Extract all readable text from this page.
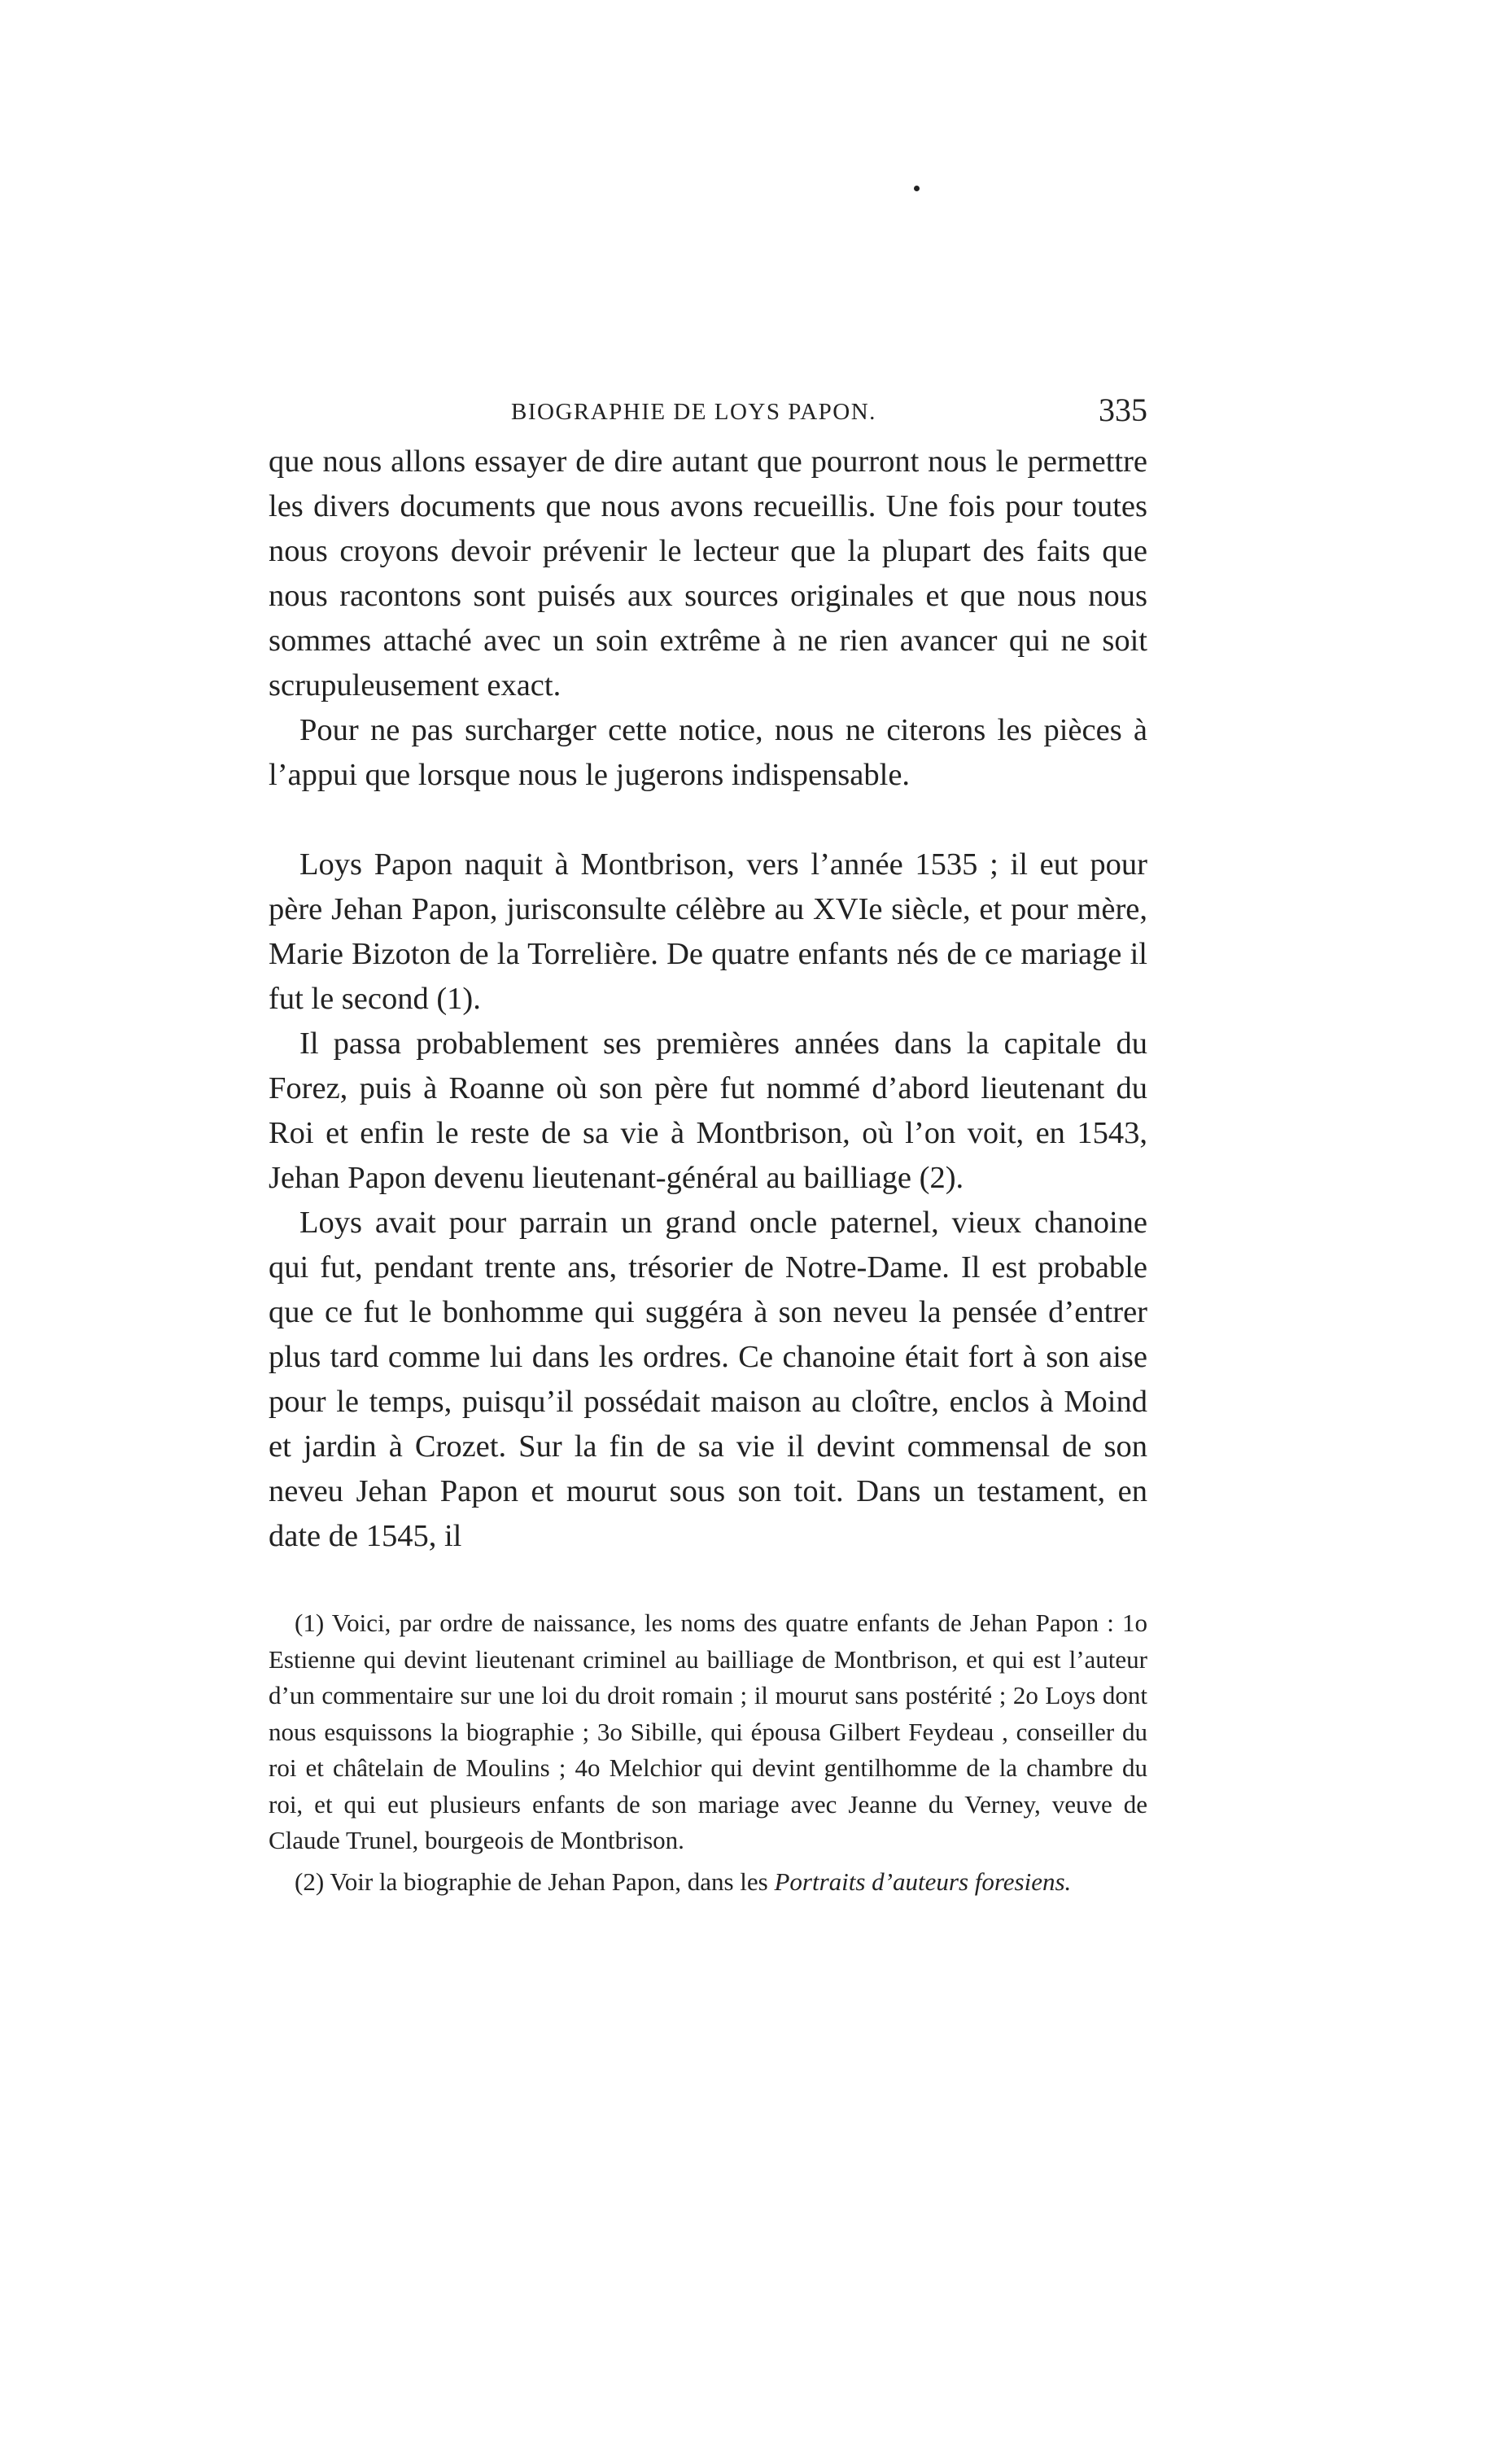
BIOGRAPHIE DE LOYS PAPON.	335

que nous allons essayer de dire autant que pourront nous le permettre les divers documents que nous avons recueillis. Une fois pour toutes nous croyons devoir prévenir le lecteur que la plupart des faits que nous racontons sont puisés aux sources originales et que nous nous sommes attaché avec un soin extrême à ne rien avancer qui ne soit scrupuleusement exact.

Pour ne pas surcharger cette notice, nous ne citerons les pièces à l’appui que lorsque nous le jugerons indispensable.

Loys Papon naquit à Montbrison, vers l’année 1535 ; il eut pour père Jehan Papon, jurisconsulte célèbre au XVIe siècle, et pour mère, Marie Bizoton de la Torrelière. De quatre enfants nés de ce mariage il fut le second (1).

Il passa probablement ses premières années dans la capitale du Forez, puis à Roanne où son père fut nommé d’abord lieutenant du Roi et enfin le reste de sa vie à Montbrison, où l’on voit, en 1543, Jehan Papon devenu lieutenant-général au bailliage (2).

Loys avait pour parrain un grand oncle paternel, vieux chanoine qui fut, pendant trente ans, trésorier de Notre-Dame. Il est probable que ce fut le bonhomme qui suggéra à son neveu la pensée d’entrer plus tard comme lui dans les ordres. Ce chanoine était fort à son aise pour le temps, puisqu’il possédait maison au cloître, enclos à Moind et jardin à Crozet. Sur la fin de sa vie il devint commensal de son neveu Jehan Papon et mourut sous son toit. Dans un testament, en date de 1545, il

(1) Voici, par ordre de naissance, les noms des quatre enfants de Jehan Papon : 1o Estienne qui devint lieutenant criminel au bailliage de Montbrison, et qui est l’auteur d’un commentaire sur une loi du droit romain ; il mourut sans postérité ; 2o Loys dont nous esquissons la biographie ; 3o Sibille, qui épousa Gilbert Feydeau , conseiller du roi et châtelain de Moulins ; 4o Melchior qui devint gentilhomme de la chambre du roi, et qui eut plusieurs enfants de son mariage avec Jeanne du Verney, veuve de Claude Trunel, bourgeois de Montbrison.

(2) Voir la biographie de Jehan Papon, dans les Portraits d’auteurs foresiens.
